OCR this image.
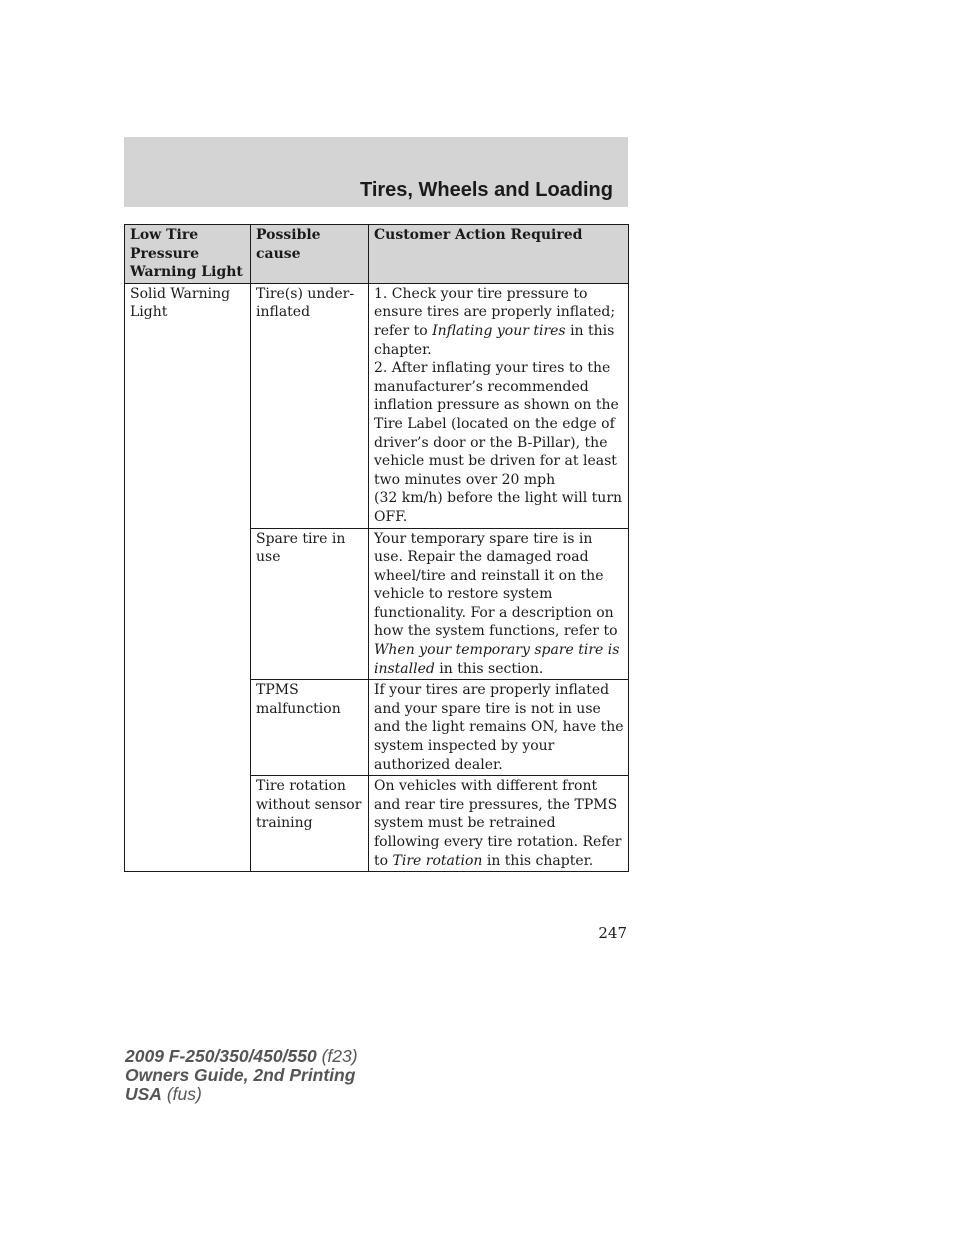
Tires, Wheels and Loading
Low Tire Pressure Warning Light	Possible cause	Customer Action Required
Solid Warning Light	Tire(s) under-inflated	1. Check your tire pressure to ensure tires are properly inflated; refer to Inflating your tires in this chapter.
2. After inflating your tires to the manufacturer’s recommended inflation pressure as shown on the Tire Label (located on the edge of driver’s door or the B-Pillar), the vehicle must be driven for at least two minutes over 20 mph
(32 km/h) before the light will turn OFF.
	Spare tire in use	Your temporary spare tire is in use. Repair the damaged road wheel/tire and reinstall it on the vehicle to restore system functionality. For a description on how the system functions, refer to When your temporary spare tire is installed in this section.
	TPMS malfunction	If your tires are properly inflated and your spare tire is not in use and the light remains ON, have the system inspected by your authorized dealer.
	Tire rotation without sensor training	On vehicles with different front and rear tire pressures, the TPMS system must be retrained following every tire rotation. Refer to Tire rotation in this chapter.
247
2009 F-250/350/450/550 (f23)
Owners Guide, 2nd Printing
USA (fus)
